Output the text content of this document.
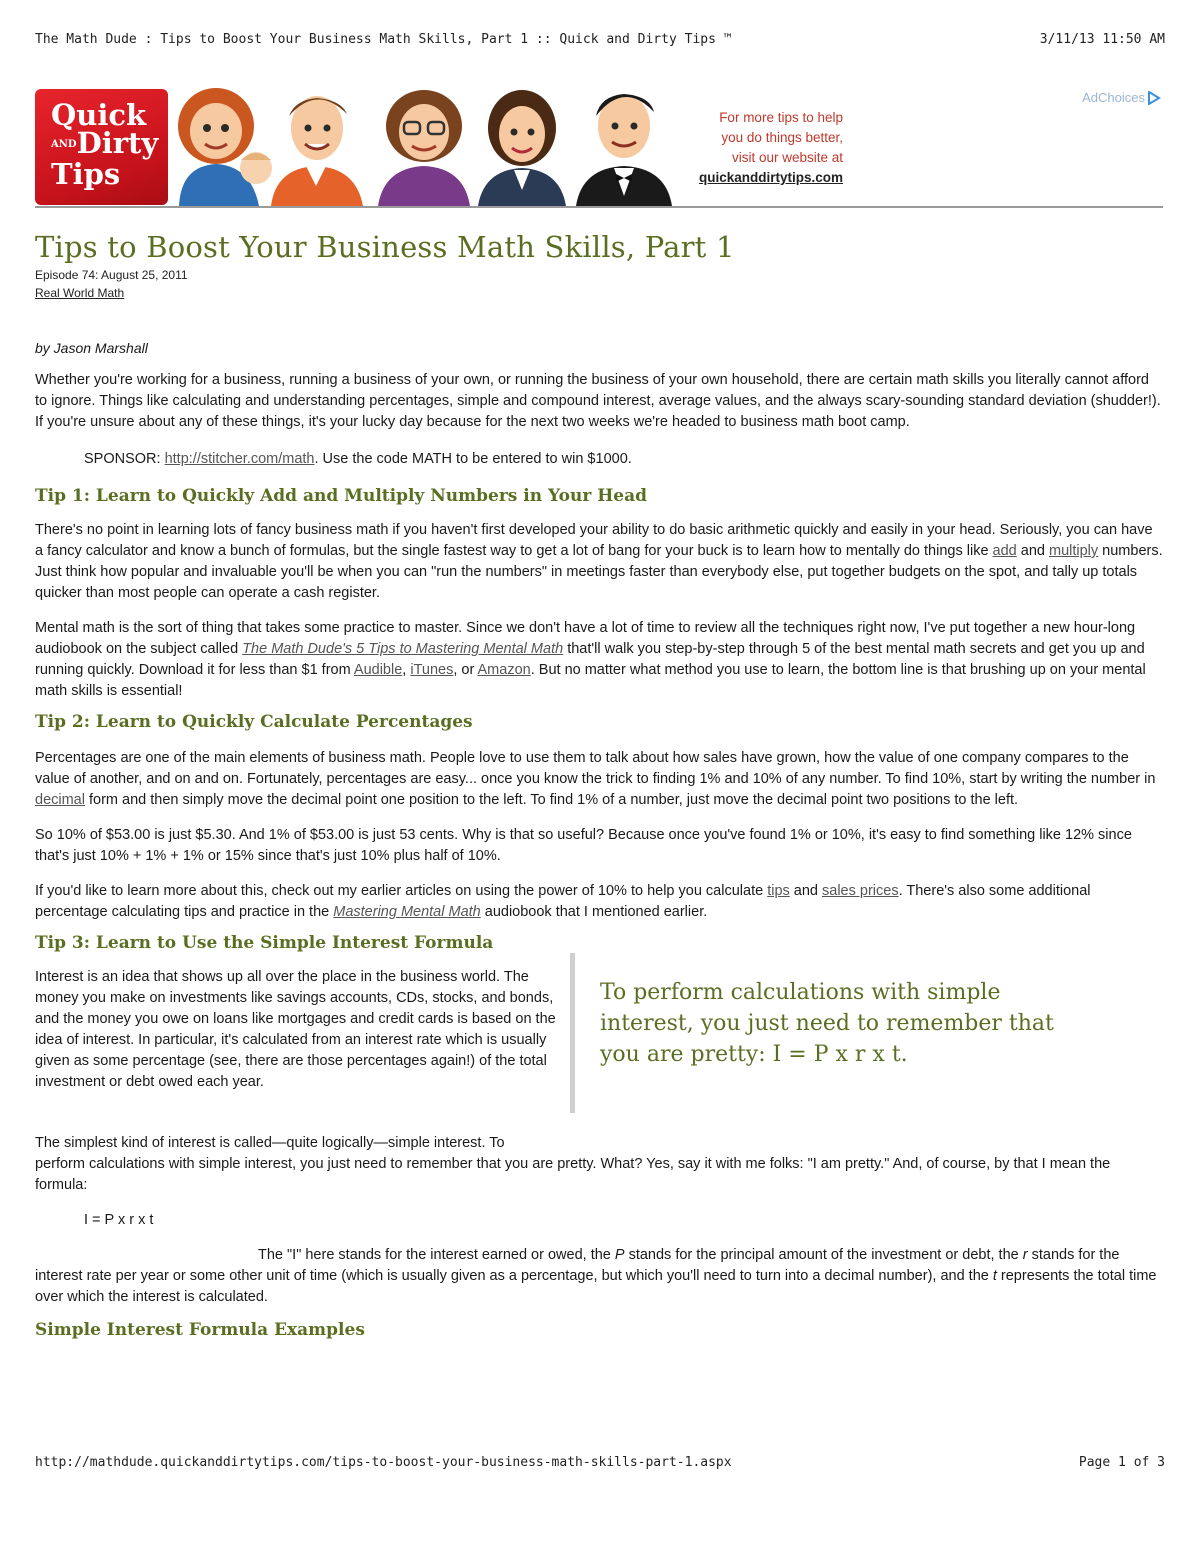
The Math Dude : Tips to Boost Your Business Math Skills, Part 1 :: Quick and Dirty Tips ™	3/11/13 11:50 AM
Quick
ANDDirty
Tips
For more tips to help
you do things better,
visit our website at
quickanddirtytips.com
AdChoices
Tips to Boost Your Business Math Skills, Part 1
Episode 74: August 25, 2011
Real World Math
by Jason Marshall

Whether you're working for a business, running a business of your own, or running the business of your own household, there are certain math skills you literally cannot afford to ignore. Things like calculating and understanding percentages, simple and compound interest, average values, and the always scary-sounding standard deviation (shudder!). If you're unsure about any of these things, it's your lucky day because for the next two weeks we're headed to business math boot camp.

SPONSOR: http://stitcher.com/math. Use the code MATH to be entered to win $1000.

Tip 1: Learn to Quickly Add and Multiply Numbers in Your Head

There's no point in learning lots of fancy business math if you haven't first developed your ability to do basic arithmetic quickly and easily in your head. Seriously, you can have a fancy calculator and know a bunch of formulas, but the single fastest way to get a lot of bang for your buck is to learn how to mentally do things like add and multiply numbers. Just think how popular and invaluable you'll be when you can "run the numbers" in meetings faster than everybody else, put together budgets on the spot, and tally up totals quicker than most people can operate a cash register.

Mental math is the sort of thing that takes some practice to master. Since we don't have a lot of time to review all the techniques right now, I've put together a new hour-long audiobook on the subject called The Math Dude's 5 Tips to Mastering Mental Math that'll walk you step-by-step through 5 of the best mental math secrets and get you up and running quickly. Download it for less than $1 from Audible, iTunes, or Amazon. But no matter what method you use to learn, the bottom line is that brushing up on your mental math skills is essential!

Tip 2: Learn to Quickly Calculate Percentages

Percentages are one of the main elements of business math. People love to use them to talk about how sales have grown, how the value of one company compares to the value of another, and on and on. Fortunately, percentages are easy... once you know the trick to finding 1% and 10% of any number. To find 10%, start by writing the number in decimal form and then simply move the decimal point one position to the left. To find 1% of a number, just move the decimal point two positions to the left.

So 10% of $53.00 is just $5.30. And 1% of $53.00 is just 53 cents. Why is that so useful? Because once you've found 1% or 10%, it's easy to find something like 12% since that's just 10% + 1% + 1% or 15% since that's just 10% plus half of 10%.

If you'd like to learn more about this, check out my earlier articles on using the power of 10% to help you calculate tips and sales prices. There's also some additional percentage calculating tips and practice in the Mastering Mental Math audiobook that I mentioned earlier.

Tip 3: Learn to Use the Simple Interest Formula

Interest is an idea that shows up all over the place in the business world. The money you make on investments like savings accounts, CDs, stocks, and bonds, and the money you owe on loans like mortgages and credit cards is based on the idea of interest. In particular, it's calculated from an interest rate which is usually given as some percentage (see, there are those percentages again!) of the total investment or debt owed each year.

To perform calculations with simple interest, you just need to remember that you are pretty: I = P x r x t.

The simplest kind of interest is called—quite logically—simple interest. To
perform calculations with simple interest, you just need to remember that you are pretty. What? Yes, say it with me folks: "I am pretty." And, of course, by that I mean the formula:

I = P x r x t

The "I" here stands for the interest earned or owed, the P stands for the principal amount of the investment or debt, the r stands for the interest rate per year or some other unit of time (which is usually given as a percentage, but which you'll need to turn into a decimal number), and the t represents the total time over which the interest is calculated.

Simple Interest Formula Examples
http://mathdude.quickanddirtytips.com/tips-to-boost-your-business-math-skills-part-1.aspx	Page 1 of 3
